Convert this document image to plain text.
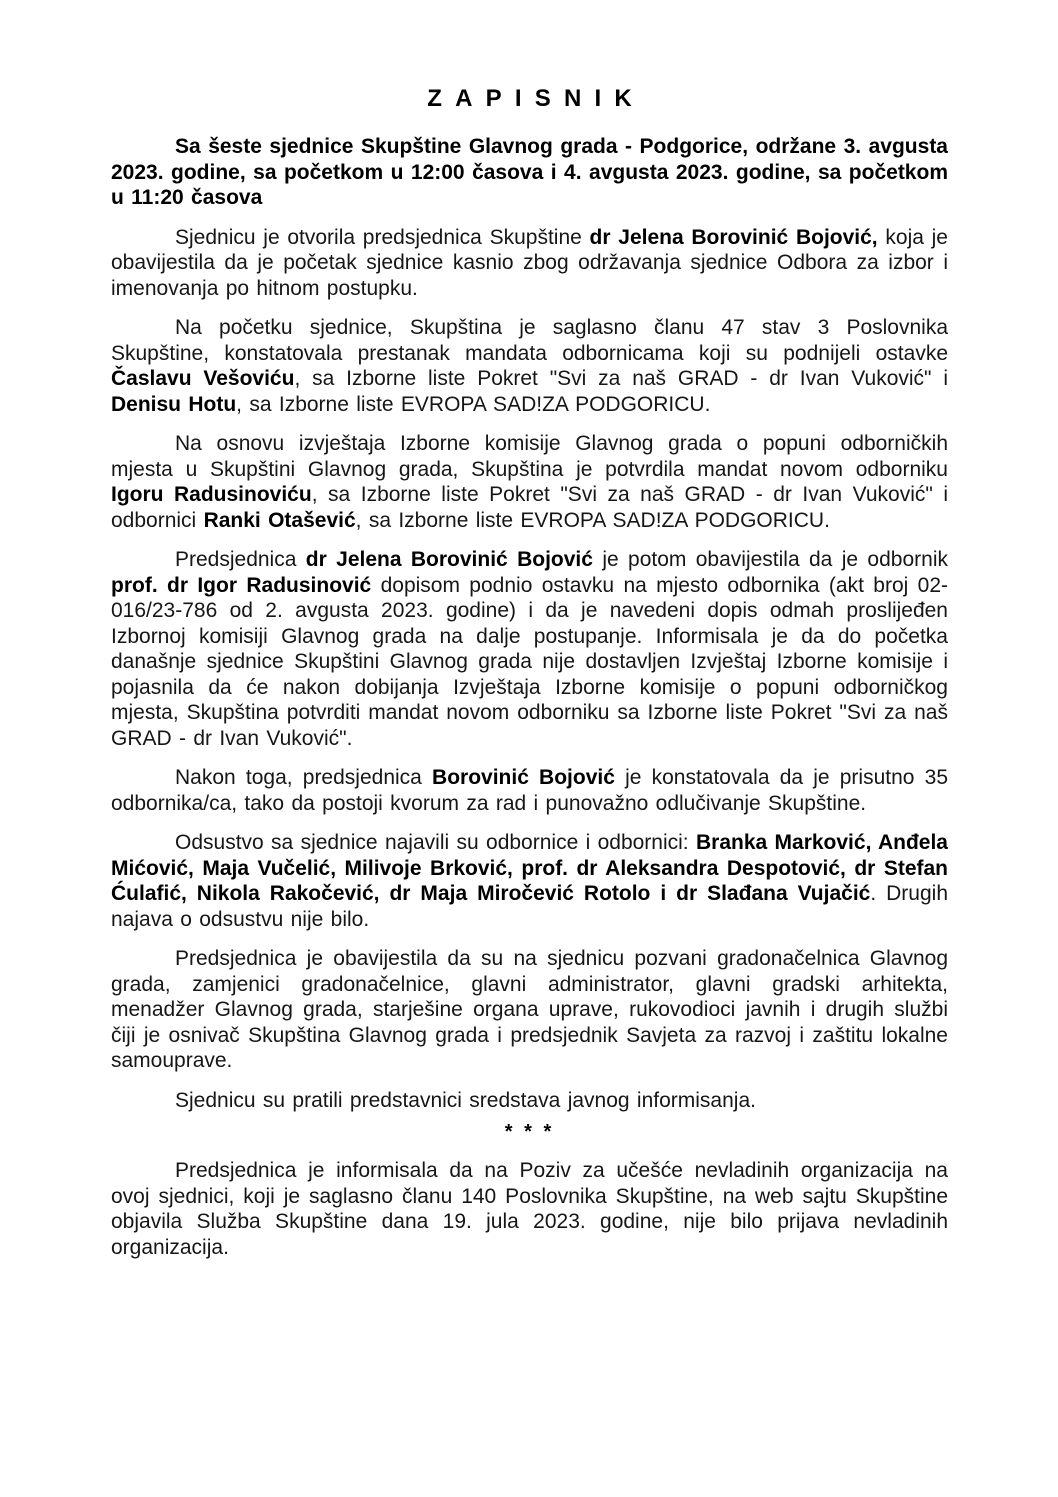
ZAPISNIK

Sa šeste sjednice Skupštine Glavnog grada - Podgorice, održane 3. avgusta 2023. godine, sa početkom u 12:00 časova i 4. avgusta 2023. godine, sa početkom u 11:20 časova

Sjednicu je otvorila predsjednica Skupštine dr Jelena Borovinić Bojović, koja je obavijestila da je početak sjednice kasnio zbog održavanja sjednice Odbora za izbor i imenovanja po hitnom postupku.

Na početku sjednice, Skupština je saglasno članu 47 stav 3 Poslovnika Skupštine, konstatovala prestanak mandata odbornicama koji su podnijeli ostavke Časlavu Vešoviću, sa Izborne liste Pokret "Svi za naš GRAD - dr Ivan Vuković" i Denisu Hotu, sa Izborne liste EVROPA SAD!ZA PODGORICU.

Na osnovu izvještaja Izborne komisije Glavnog grada o popuni odborničkih mjesta u Skupštini Glavnog grada, Skupština je potvrdila mandat novom odborniku Igoru Radusinoviću, sa Izborne liste Pokret "Svi za naš GRAD - dr Ivan Vuković" i odbornici Ranki Otašević, sa Izborne liste EVROPA SAD!ZA PODGORICU.

Predsjednica dr Jelena Borovinić Bojović je potom obavijestila da je odbornik prof. dr Igor Radusinović dopisom podnio ostavku na mjesto odbornika (akt broj 02-016/23-786 od 2. avgusta 2023. godine) i da je navedeni dopis odmah proslijeđen Izbornoj komisiji Glavnog grada na dalje postupanje. Informisala je da do početka današnje sjednice Skupštini Glavnog grada nije dostavljen Izvještaj Izborne komisije i pojasnila da će nakon dobijanja Izvještaja Izborne komisije o popuni odborničkog mjesta, Skupština potvrditi mandat novom odborniku sa Izborne liste Pokret "Svi za naš GRAD - dr Ivan Vuković".

Nakon toga, predsjednica Borovinić Bojović je konstatovala da je prisutno 35 odbornika/ca, tako da postoji kvorum za rad i punovažno odlučivanje Skupštine.

Odsustvo sa sjednice najavili su odbornice i odbornici: Branka Marković, Anđela Mićović, Maja Vučelić, Milivoje Brković, prof. dr Aleksandra Despotović, dr Stefan Ćulafić, Nikola Rakočević, dr Maja Miročević Rotolo i dr Slađana Vujačić. Drugih najava o odsustvu nije bilo.

Predsjednica je obavijestila da su na sjednicu pozvani gradonačelnica Glavnog grada, zamjenici gradonačelnice, glavni administrator, glavni gradski arhitekta, menadžer Glavnog grada, starješine organa uprave, rukovodioci javnih i drugih službi čiji je osnivač Skupština Glavnog grada i predsjednik Savjeta za razvoj i zaštitu lokalne samouprave.

Sjednicu su pratili predstavnici sredstava javnog informisanja.

* * *

Predsjednica je informisala da na Poziv za učešće nevladinih organizacija na ovoj sjednici, koji je saglasno članu 140 Poslovnika Skupštine, na web sajtu Skupštine objavila Služba Skupštine dana 19. jula 2023. godine, nije bilo prijava nevladinih organizacija.
